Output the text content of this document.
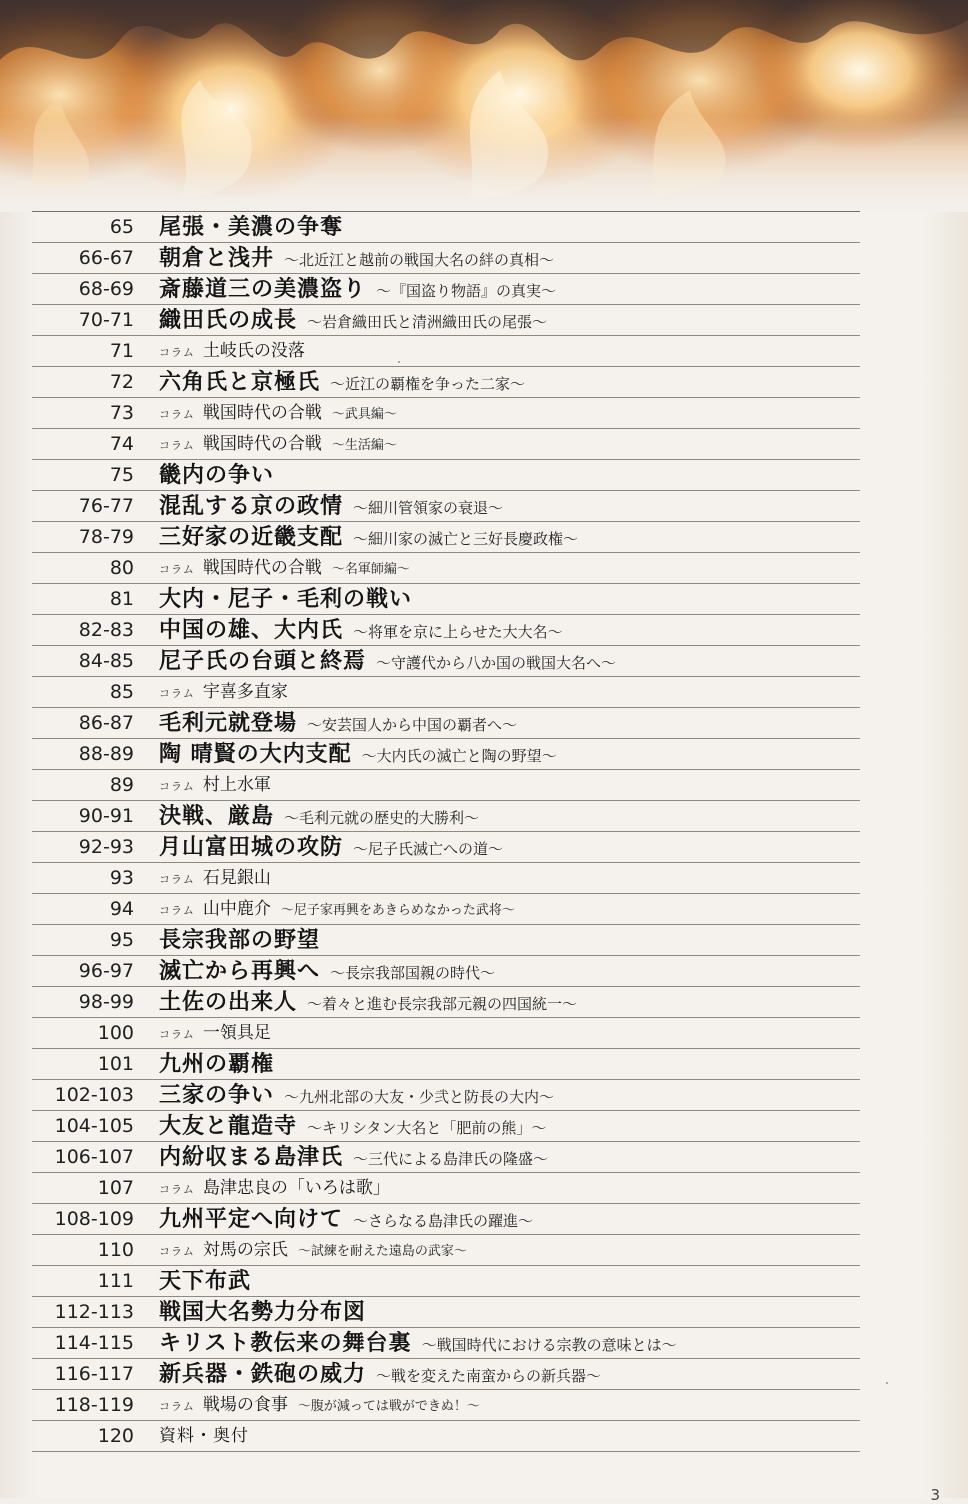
65 尾張・美濃の争奪
66-67 朝倉と浅井 ～北近江と越前の戦国大名の絆の真相～
68-69 斎藤道三の美濃盗り ～『国盗り物語』の真実～
70-71 織田氏の成長 ～岩倉織田氏と清洲織田氏の尾張～
71 コラム 土岐氏の没落
72 六角氏と京極氏 ～近江の覇権を争った二家～
73 コラム 戦国時代の合戦 ～武具編～
74 コラム 戦国時代の合戦 ～生活編～
75 畿内の争い
76-77 混乱する京の政情 ～細川管領家の衰退～
78-79 三好家の近畿支配 ～細川家の滅亡と三好長慶政権～
80 コラム 戦国時代の合戦 ～名軍師編～
81 大内・尼子・毛利の戦い
82-83 中国の雄、大内氏 ～将軍を京に上らせた大大名～
84-85 尼子氏の台頭と終焉 ～守護代から八か国の戦国大名へ～
85 コラム 宇喜多直家
86-87 毛利元就登場 ～安芸国人から中国の覇者へ～
88-89 陶 晴賢の大内支配 ～大内氏の滅亡と陶の野望～
89 コラム 村上水軍
90-91 決戦、厳島 ～毛利元就の歴史的大勝利～
92-93 月山富田城の攻防 ～尼子氏滅亡への道～
93 コラム 石見銀山
94 コラム 山中鹿介 ～尼子家再興をあきらめなかった武将～
95 長宗我部の野望
96-97 滅亡から再興へ ～長宗我部国親の時代～
98-99 土佐の出来人 ～着々と進む長宗我部元親の四国統一～
100 コラム 一領具足
101 九州の覇権
102-103 三家の争い ～九州北部の大友・少弐と防長の大内～
104-105 大友と龍造寺 ～キリシタン大名と「肥前の熊」～
106-107 内紛収まる島津氏 ～三代による島津氏の隆盛～
107 コラム 島津忠良の「いろは歌」
108-109 九州平定へ向けて ～さらなる島津氏の躍進～
110 コラム 対馬の宗氏 ～試練を耐えた遠島の武家～
111 天下布武
112-113 戦国大名勢力分布図
114-115 キリスト教伝来の舞台裏 ～戦国時代における宗教の意味とは～
116-117 新兵器・鉄砲の威力 ～戦を変えた南蛮からの新兵器～
118-119 コラム 戦場の食事 ～腹が減っては戦ができぬ！～
120 資料・奥付
3
